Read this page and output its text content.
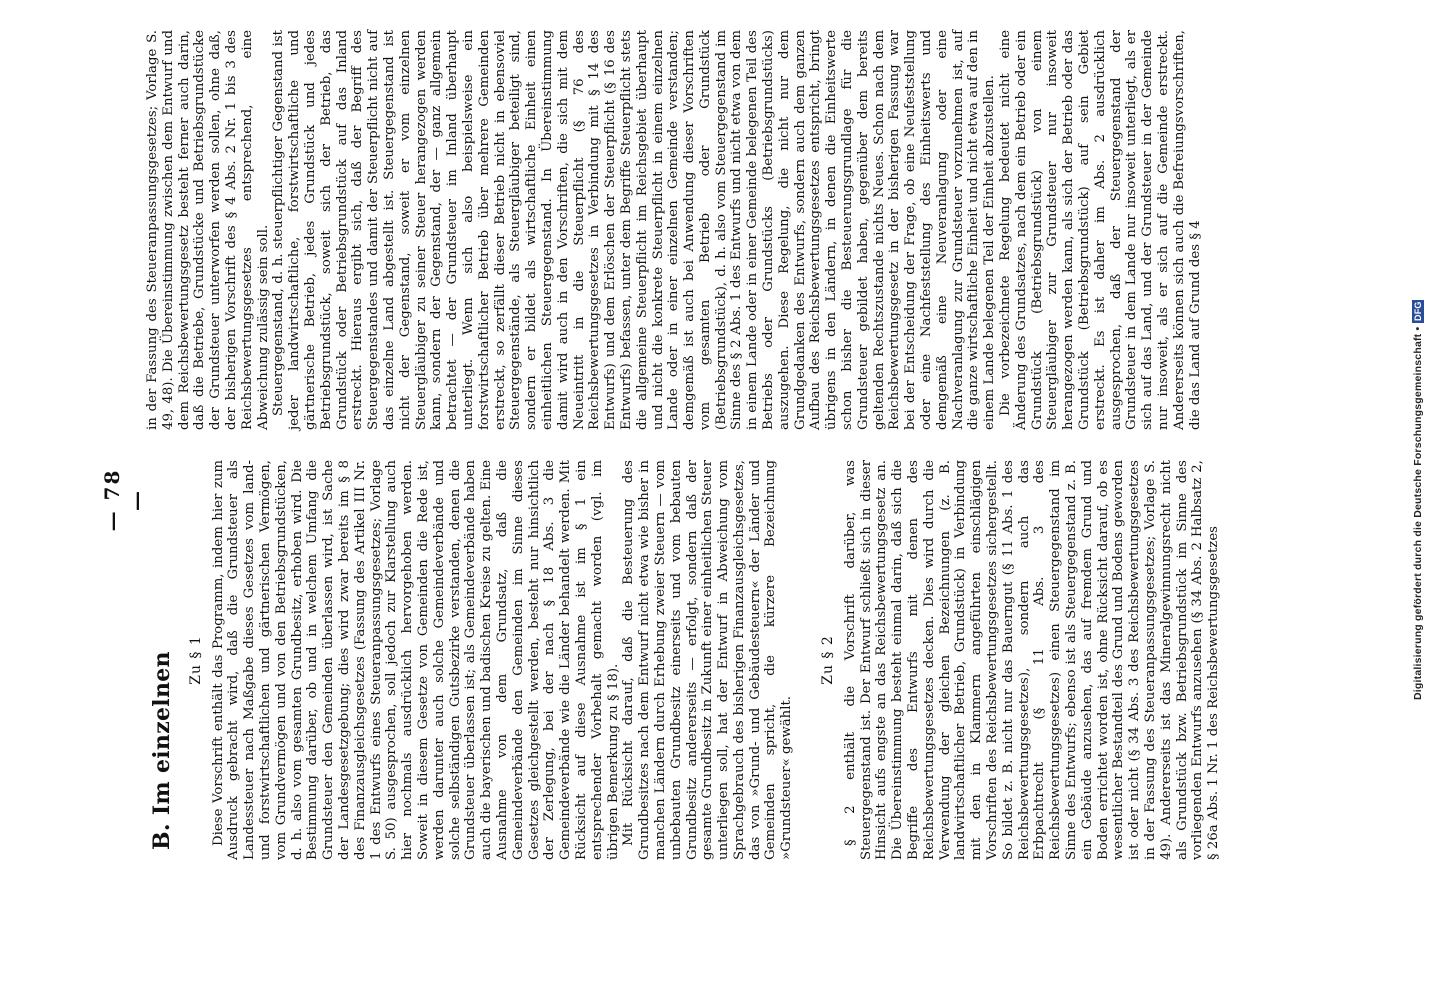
— 78 —
B. Im einzelnen Zu § 1 Diese Vorschrift enthält das Programm, indem hier zum Ausdruck gebracht wird, daß die Grundsteuer als Landessteuer nach Maßgabe dieses Gesetzes vom land- und forstwirtschaftlichen und gärtnerischen Vermögen, vom Grundvermögen und von den Betriebsgrundstücken, d. h. also vom gesamten Grundbesitz, erhoben wird. Die Bestimmung darüber, ob und in welchem Umfang die Grundsteuer den Gemeinden überlassen wird, ist Sache der Landesgesetzgebung; dies wird zwar bereits im § 8 des Finanzausgleichsgesetzes (Fassung des Artikel III Nr. 1 des Entwurfs eines Steueranpassungsgesetzes; Vorlage S. 50) ausgesprochen, soll jedoch zur Klarstellung auch hier nochmals ausdrücklich hervorgehoben werden. Soweit in diesem Gesetze von Gemeinden die Rede ist, werden darunter auch solche Gemeindeverbände und solche selbständigen Gutsbezirke verstanden, denen die Grundsteuer überlassen ist; als Gemeindeverbände haben auch die bayerischen und badischen Kreise zu gelten. Eine Ausnahme von dem Grundsatz, daß die Gemeindeverbände den Gemeinden im Sinne dieses Gesetzes gleichgestellt werden, besteht nur hinsichtlich der Zerlegung, bei der nach § 18 Abs. 3 die Gemeindeverbände wie die Länder behandelt werden. Mit Rücksicht auf diese Ausnahme ist im § 1 ein entsprechender Vorbehalt gemacht worden (vgl. im übrigen Bemerkung zu § 18). Mit Rücksicht darauf, daß die Besteuerung des Grundbesitzes nach dem Entwurf nicht etwa wie bisher in manchen Ländern durch Erhebung zweier Steuern — vom unbebauten Grundbesitz einerseits und vom bebauten Grundbesitz andererseits — erfolgt, sondern daß der gesamte Grundbesitz in Zukunft einer einheitlichen Steuer unterliegen soll, hat der Entwurf in Abweichung vom Sprachgebrauch des bisherigen Finanzausgleichsgesetzes, das von »Grund- und Gebäudesteuern« der Länder und Gemeinden spricht, die kürzere Bezeichnung »Grundsteuer« gewählt.

Zu § 2 § 2 enthält die Vorschrift darüber, was Steuergegenstand ist. Der Entwurf schließt sich in dieser Hinsicht aufs engste an das Reichsbewertungsgesetz an. Die Übereinstimmung besteht einmal darin, daß sich die Begriffe des Entwurfs mit denen des Reichsbewertungsgesetzes decken. Dies wird durch die Verwendung der gleichen Bezeichnungen (z. B. landwirtschaftlicher Betrieb, Grundstück) in Verbindung mit den in Klammern angeführten einschlägigen Vorschriften des Reichsbewertungsgesetzes sichergestellt. So bildet z. B. nicht nur das Bauerngut (§ 11 Abs. 1 des Reichsbewertungsgesetzes), sondern auch das Erbpachtrecht (§ 11 Abs. 3 des Reichsbewertungsgesetzes) einen Steuergegenstand im Sinne des Entwurfs; ebenso ist als Steuergegenstand z. B. ein Gebäude anzusehen, das auf fremdem Grund und Boden errichtet worden ist, ohne Rücksicht darauf, ob es wesentlicher Bestandteil des Grund und Bodens geworden ist oder nicht (§ 34 Abs. 3 des Reichsbewertungsgesetzes in der Fassung des Steueranpassungsgesetzes; Vorlage S. 49). Andererseits ist das Mineralgewinnungsrecht nicht als Grundstück bzw. Betriebsgrundstück im Sinne des vorliegenden Entwurfs anzusehen (§ 34 Abs. 2 Halbsatz 2, § 26a Abs. 1 Nr. 1 des Reichsbewertungsgesetzes

in der Fassung des Steueranpassungsgesetzes; Vorlage S. 49, 48). Die Übereinstimmung zwischen dem Entwurf und dem Reichsbewertungsgesetz besteht ferner auch darin, daß die Betriebe, Grundstücke und Betriebsgrundstücke der Grundsteuer unterworfen werden sollen, ohne daß, der bisherigen Vorschrift des § 4 Abs. 2 Nr. 1 bis 3 des Reichsbewertungsgesetzes entsprechend, eine Abweichung zulässig sein soll. Steuergegenstand, d. h. steuerpflichtiger Gegenstand ist jeder landwirtschaftliche, forstwirtschaftliche und gärtnerische Betrieb, jedes Grundstück und jedes Betriebsgrundstück, soweit sich der Betrieb, das Grundstück oder Betriebsgrundstück auf das Inland erstreckt. Hieraus ergibt sich, daß der Begriff des Steuergegenstandes und damit der Steuerpflicht nicht auf das einzelne Land abgestellt ist. Steuergegenstand ist nicht der Gegenstand, soweit er vom einzelnen Steuergläubiger zu seiner Steuer herangezogen werden kann, sondern der Gegenstand, der — ganz allgemein betrachtet — der Grundsteuer im Inland überhaupt unterliegt. Wenn sich also beispielsweise ein forstwirtschaftlicher Betrieb über mehrere Gemeinden erstreckt, so zerfällt dieser Betrieb nicht in ebensoviel Steuergegenstände, als Steuergläubiger beteiligt sind, sondern er bildet als wirtschaftliche Einheit einen einheitlichen Steuergegenstand. In Übereinstimmung damit wird auch in den Vorschriften, die sich mit dem Neueintritt in die Steuerpflicht (§ 76 des Reichsbewertungsgesetzes in Verbindung mit § 14 des Entwurfs) und dem Erlöschen der Steuerpflicht (§ 16 des Entwurfs) befassen, unter dem Begriffe Steuerpflicht stets die allgemeine Steuerpflicht im Reichsgebiet überhaupt und nicht die konkrete Steuerpflicht in einem einzelnen Lande oder in einer einzelnen Gemeinde verstanden; demgemäß ist auch bei Anwendung dieser Vorschriften vom gesamten Betrieb oder Grundstück (Betriebsgrundstück), d. h. also vom Steuergegenstand im Sinne des § 2 Abs. 1 des Entwurfs und nicht etwa von dem in einem Lande oder in einer Gemeinde belegenen Teil des Betriebs oder Grundstücks (Betriebsgrundstücks) auszugehen. Diese Regelung, die nicht nur dem Grundgedanken des Entwurfs, sondern auch dem ganzen Aufbau des Reichsbewertungsgesetzes entspricht, bringt übrigens in den Ländern, in denen die Einheitswerte schon bisher die Besteuerungsgrundlage für die Grundsteuer gebildet haben, gegenüber dem bereits geltenden Rechtszustande nichts Neues. Schon nach dem Reichsbewertungsgesetz in der bisherigen Fassung war bei der Entscheidung der Frage, ob eine Neufeststellung oder eine Nachfeststellung des Einheitswerts und demgemäß eine Neuveranlagung oder eine Nachveranlagung zur Grundsteuer vorzunehmen ist, auf die ganze wirtschaftliche Einheit und nicht etwa auf den in einem Lande belegenen Teil der Einheit abzustellen. Die vorbezeichnete Regelung bedeutet nicht eine Änderung des Grundsatzes, nach dem ein Betrieb oder ein Grundstück (Betriebsgrundstück) von einem Steuergläubiger zur Grundsteuer nur insoweit herangezogen werden kann, als sich der Betrieb oder das Grundstück (Betriebsgrundstück) auf sein Gebiet erstreckt. Es ist daher im Abs. 2 ausdrücklich ausgesprochen, daß der Steuergegenstand der Grundsteuer in dem Lande nur insoweit unterliegt, als er sich auf das Land, und der Grundsteuer in der Gemeinde nur insoweit, als er sich auf die Gemeinde erstreckt. Andererseits können sich auch die Befreiungsvorschriften, die das Land auf Grund des § 4

Digitalisierung gefördert durch die Deutsche Forschungsgemeinschaft •
DFG
